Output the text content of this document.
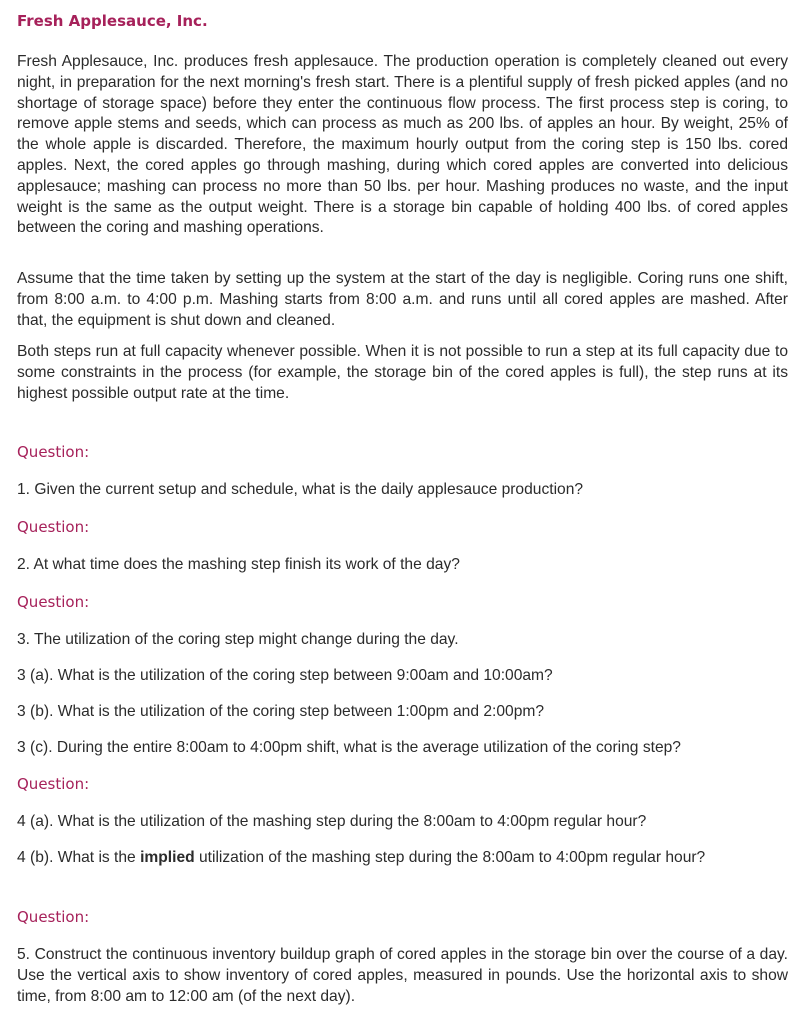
Fresh Applesauce, Inc.

Fresh Applesauce, Inc. produces fresh applesauce. The production operation is completely cleaned out every night, in preparation for the next morning's fresh start. There is a plentiful supply of fresh picked apples (and no shortage of storage space) before they enter the continuous flow process. The first process step is coring, to remove apple stems and seeds, which can process as much as 200 lbs. of apples an hour. By weight, 25% of the whole apple is discarded. Therefore, the maximum hourly output from the coring step is 150 lbs. cored apples. Next, the cored apples go through mashing, during which cored apples are converted into delicious applesauce; mashing can process no more than 50 lbs. per hour. Mashing produces no waste, and the input weight is the same as the output weight. There is a storage bin capable of holding 400 lbs. of cored apples between the coring and mashing operations.

Assume that the time taken by setting up the system at the start of the day is negligible. Coring runs one shift, from 8:00 a.m. to 4:00 p.m. Mashing starts from 8:00 a.m. and runs until all cored apples are mashed. After that, the equipment is shut down and cleaned.

Both steps run at full capacity whenever possible. When it is not possible to run a step at its full capacity due to some constraints in the process (for example, the storage bin of the cored apples is full), the step runs at its highest possible output rate at the time.

Question:

1. Given the current setup and schedule, what is the daily applesauce production?

Question:

2. At what time does the mashing step finish its work of the day?

Question:

3. The utilization of the coring step might change during the day.

3 (a). What is the utilization of the coring step between 9:00am and 10:00am?

3 (b). What is the utilization of the coring step between 1:00pm and 2:00pm?

3 (c). During the entire 8:00am to 4:00pm shift, what is the average utilization of the coring step?

Question:

4 (a). What is the utilization of the mashing step during the 8:00am to 4:00pm regular hour?

4 (b). What is the implied utilization of the mashing step during the 8:00am to 4:00pm regular hour?

Question:

5. Construct the continuous inventory buildup graph of cored apples in the storage bin over the course of a day. Use the vertical axis to show inventory of cored apples, measured in pounds. Use the horizontal axis to show time, from 8:00 am to 12:00 am (of the next day).
